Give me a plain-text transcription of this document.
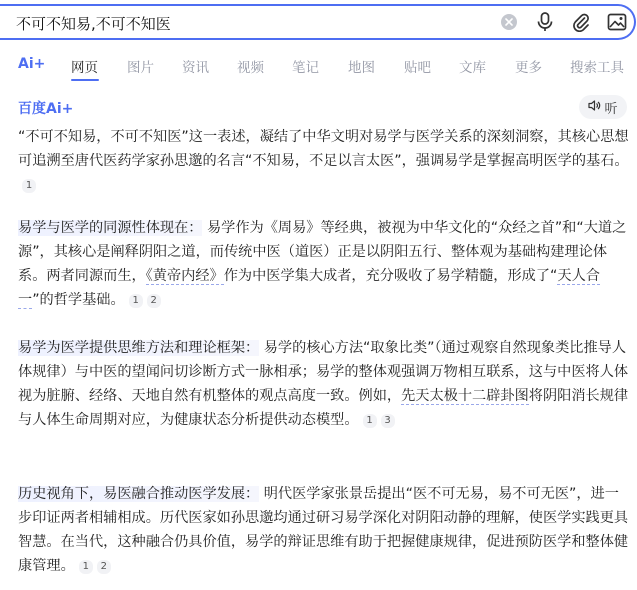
不可不知易,不可不知医
Ai+ 网页 图片 资讯 视频 笔记 地图 贴吧 文库 更多 搜索工具
百度Ai+	听
“不可不知易，不可不知医”这一表述，凝结了中华文明对易学与医学关系的深刻洞察，其核心思想可追溯至唐代医药学家孙思邈的名言“不知易，不足以言太医”，强调易学是掌握高明医学的基石。1
易学与医学的同源性体现在： 易学作为《周易》等经典，被视为中华文化的“众经之首”和“大道之源”，其核心是阐释阴阳之道，而传统中医（道医）正是以阴阳五行、整体观为基础构建理论体系。两者同源而生，《黄帝内经》作为中医学集大成者，充分吸收了易学精髓，形成了“天人合一”的哲学基础。 1 2
易学为医学提供思维方法和理论框架： 易学的核心方法“取象比类”（通过观察自然现象类比推导人体规律）与中医的望闻问切诊断方式一脉相承；易学的整体观强调万物相互联系，这与中医将人体视为脏腑、经络、天地自然有机整体的观点高度一致。例如，先天太极十二辟卦图将阴阳消长规律与人体生命周期对应，为健康状态分析提供动态模型。 1 3
历史视角下，易医融合推动医学发展： 明代医学家张景岳提出“医不可无易，易不可无医”，进一步印证两者相辅相成。历代医家如孙思邈均通过研习易学深化对阴阳动静的理解，使医学实践更具智慧。在当代，这种融合仍具价值，易学的辩证思维有助于把握健康规律，促进预防医学和整体健康管理。 1 2
